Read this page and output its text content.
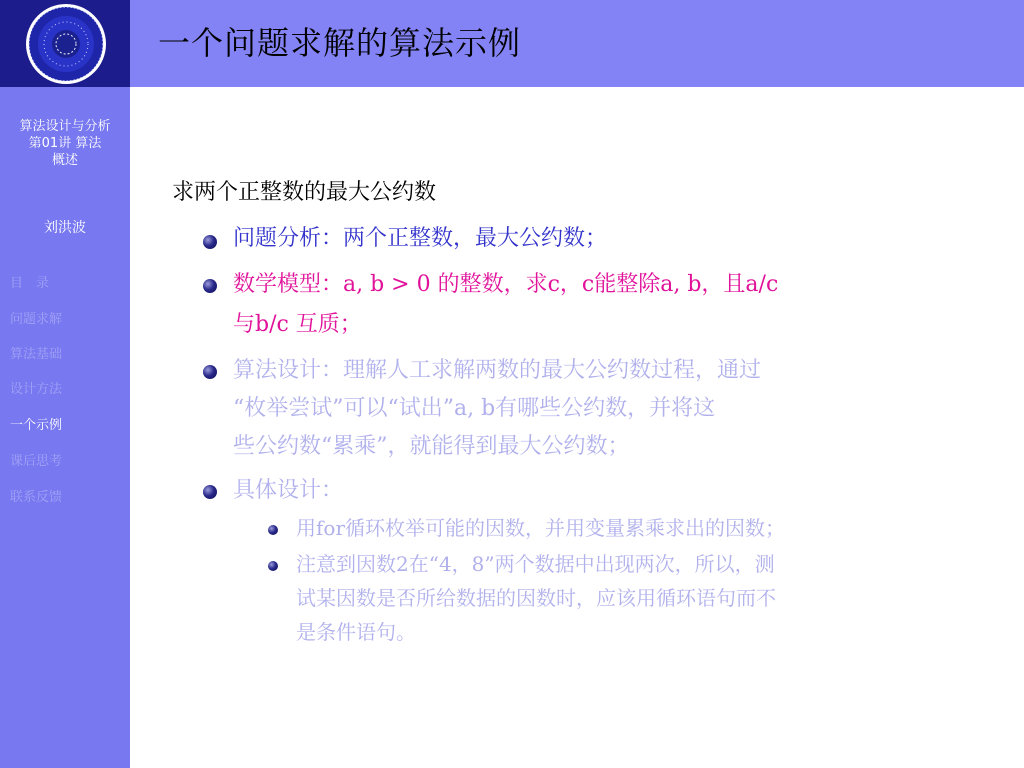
算法设计与分析
第01讲 算法
概述
刘洪波
目　录
问题求解
算法基础
设计方法
一个示例
课后思考
联系反馈
一个问题求解的算法示例
求两个正整数的最大公约数
问题分析：两个正整数，最大公约数；
数学模型：a, b > 0 的整数，求c，c能整除a, b，且a/c
与b/c 互质；
算法设计：理解人工求解两数的最大公约数过程，通过
“枚举尝试”可以“试出”a, b有哪些公约数，并将这
些公约数“累乘”，就能得到最大公约数；
具体设计：
用for循环枚举可能的因数，并用变量累乘求出的因数；
注意到因数2在“4，8”两个数据中出现两次，所以，测
试某因数是否所给数据的因数时，应该用循环语句而不
是条件语句。
